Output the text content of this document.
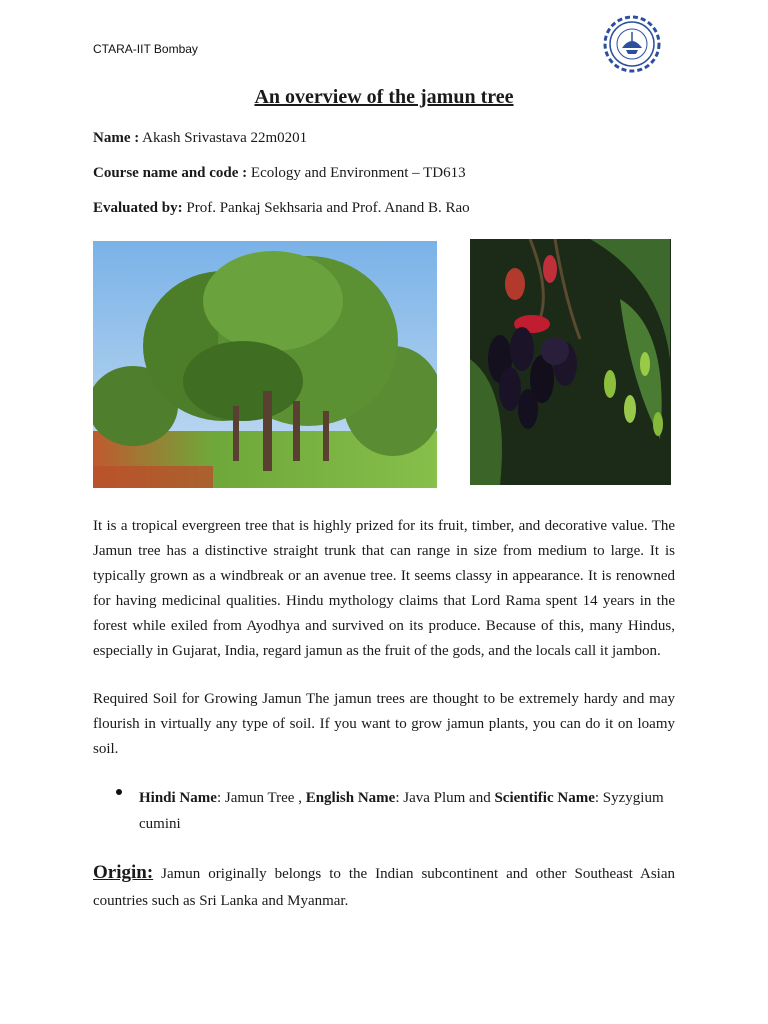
CTARA-IIT Bombay
An overview of the jamun tree
Name : Akash Srivastava 22m0201
Course name and code : Ecology and Environment – TD613
Evaluated by: Prof. Pankaj Sekhsaria and Prof. Anand B. Rao

It is a tropical evergreen tree that is highly prized for its fruit, timber, and decorative value. The Jamun tree has a distinctive straight trunk that can range in size from medium to large. It is typically grown as a windbreak or an avenue tree. It seems classy in appearance. It is renowned for having medicinal qualities. Hindu mythology claims that Lord Rama spent 14 years in the forest while exiled from Ayodhya and survived on its produce. Because of this, many Hindus, especially in Gujarat, India, regard jamun as the fruit of the gods, and the locals call it jambon.

Required Soil for Growing Jamun The jamun trees are thought to be extremely hardy and may flourish in virtually any type of soil. If you want to grow jamun plants, you can do it on loamy soil.

Hindi Name: Jamun Tree , English Name: Java Plum and Scientific Name: Syzygium cumini

Origin: Jamun originally belongs to the Indian subcontinent and other Southeast Asian countries such as Sri Lanka and Myanmar.
